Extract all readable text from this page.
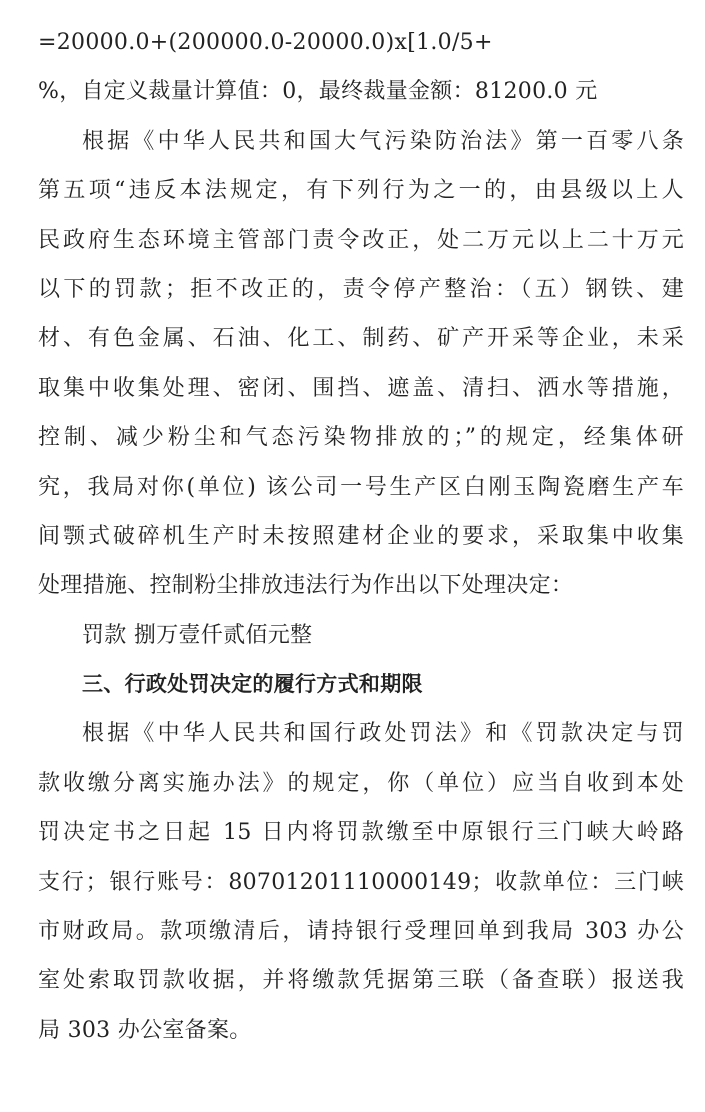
=20000.0+(200000.0-20000.0)x[1.0/5+
%，自定义裁量计算值：0，最终裁量金额：81200.0 元
根据《中华人民共和国大气污染防治法》第一百零八条
第五项“违反本法规定，有下列行为之一的，由县级以上人
民政府生态环境主管部门责令改正，处二万元以上二十万元
以下的罚款；拒不改正的，责令停产整治：（五）钢铁、建
材、有色金属、石油、化工、制药、矿产开采等企业，未采
取集中收集处理、密闭、围挡、遮盖、清扫、洒水等措施，
控制、减少粉尘和气态污染物排放的；”的规定，经集体研
究，我局对你(单位) 该公司一号生产区白刚玉陶瓷磨生产车
间颚式破碎机生产时未按照建材企业的要求，采取集中收集
处理措施、控制粉尘排放违法行为作出以下处理决定：
罚款 捌万壹仟贰佰元整
三、行政处罚决定的履行方式和期限
根据《中华人民共和国行政处罚法》和《罚款决定与罚
款收缴分离实施办法》的规定，你（单位）应当自收到本处
罚决定书之日起 15 日内将罚款缴至中原银行三门峡大岭路
支行；银行账号：80701201110000149；收款单位：三门峡
市财政局。款项缴清后，请持银行受理回单到我局 303 办公
室处索取罚款收据，并将缴款凭据第三联（备查联）报送我
局 303 办公室备案。
